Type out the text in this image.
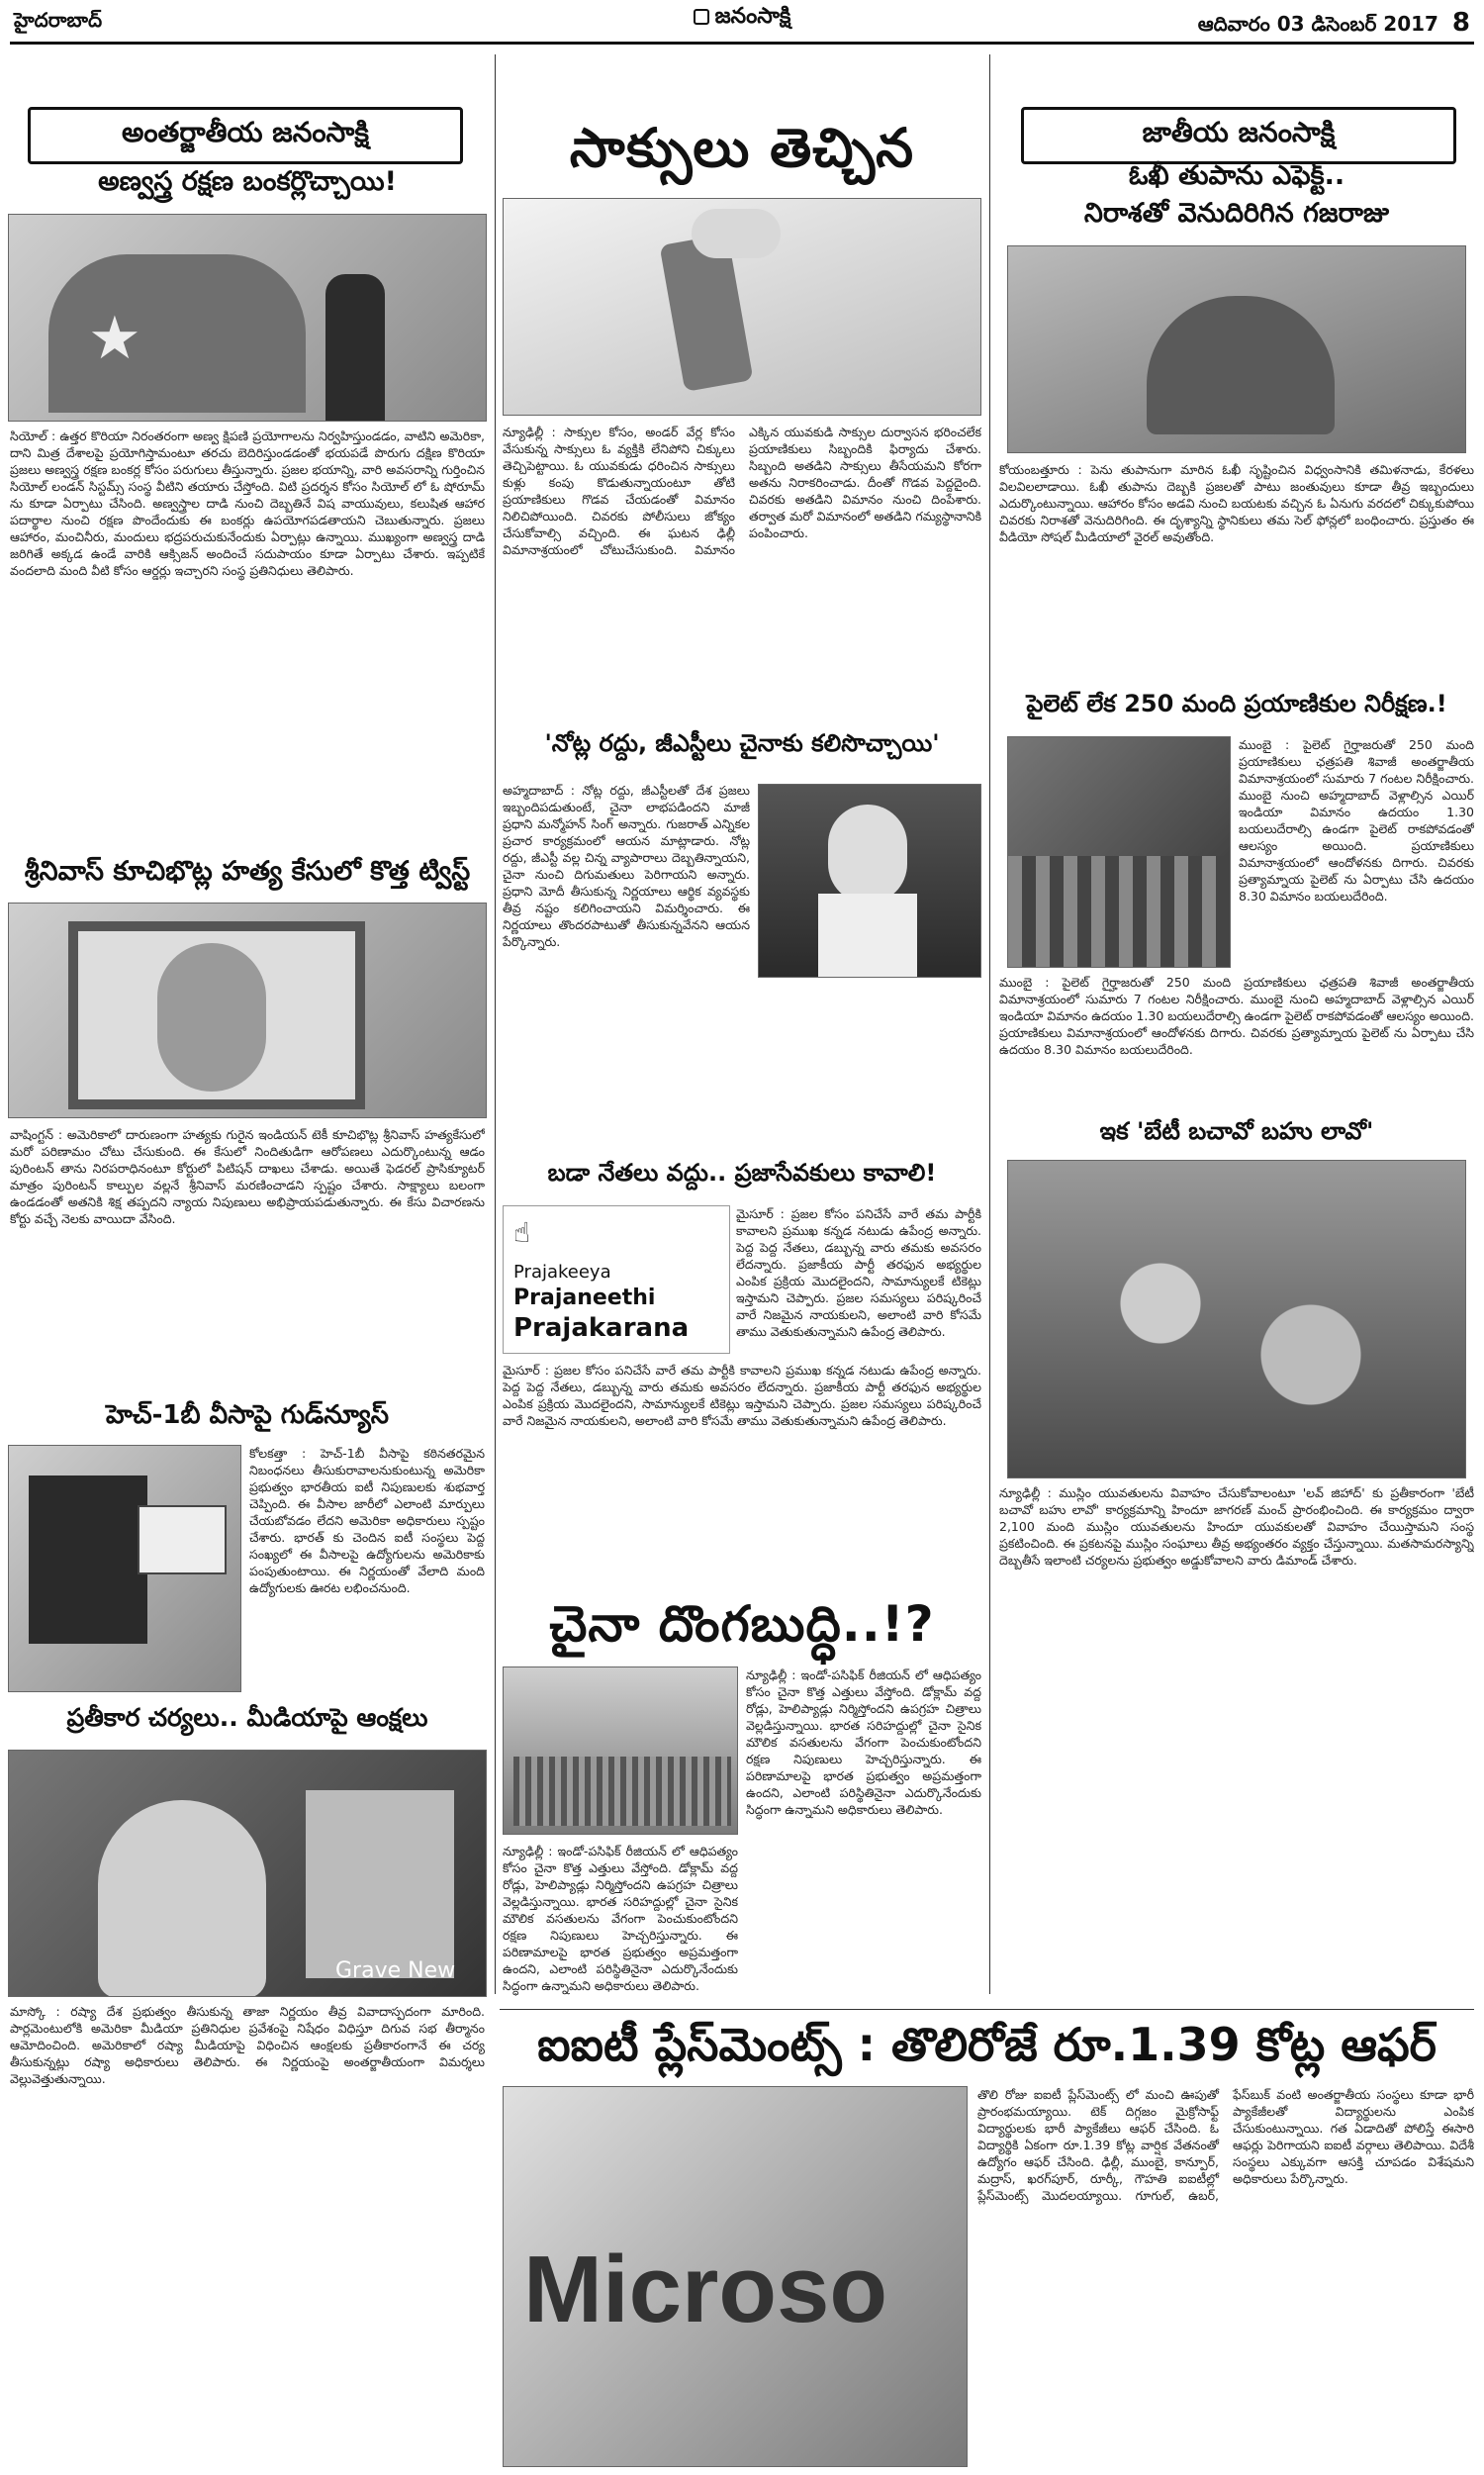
హైదరాబాద్	జనంసాక్షి	ఆదివారం 03 డిసెంబర్ 2017 8
అంతర్జాతీయ జనంసాక్షి
అణ్వస్త్ర రక్షణ బంకర్లొచ్చాయి!
★
సియోల్ : ఉత్తర కొరియా నిరంతరంగా అణ్వ క్షిపణి ప్రయోగాలను నిర్వహిస్తుండడం, వాటిని అమెరికా, దాని మిత్ర దేశాలపై ప్రయోగిస్తామంటూ తరచు బెదిరిస్తుండడంతో భయపడే పొరుగు దక్షిణ కొరియా ప్రజలు అణ్వస్త్ర రక్షణ బంకర్ల కోసం పరుగులు తీస్తున్నారు. ప్రజల భయాన్ని, వారి అవసరాన్ని గుర్తించిన సియోల్ లండన్ సిస్టమ్స్ సంస్థ వీటిని తయారు చేస్తోంది. విటి ప్రదర్శన కోసం సియోల్ లో ఓ షోరూమ్ ను కూడా ఏర్పాటు చేసింది. అణ్వస్త్రాల దాడి నుంచి దెబ్బతినే విష వాయువులు, కలుషిత ఆహార పదార్థాల నుంచి రక్షణ పొందేందుకు ఈ బంకర్లు ఉపయోగపడతాయని చెబుతున్నారు. ప్రజలు ఆహారం, మంచినీరు, మందులు భద్రపరుచుకునేందుకు ఏర్పాట్లు ఉన్నాయి. ముఖ్యంగా అణ్వస్త్ర దాడి జరిగితే అక్కడ ఉండే వారికి ఆక్సిజన్ అందించే సదుపాయం కూడా ఏర్పాటు చేశారు. ఇప్పటికే వందలాది మంది వీటి కోసం ఆర్డర్లు ఇచ్చారని సంస్థ ప్రతినిధులు తెలిపారు.
శ్రీనివాస్ కూచిభొట్ల హత్య కేసులో కొత్త ట్విస్ట్
వాషింగ్టన్ : అమెరికాలో దారుణంగా హత్యకు గురైన ఇండియన్ టెకీ కూచిభొట్ల శ్రీనివాస్ హత్యకేసులో మరో పరిణామం చోటు చేసుకుంది. ఈ కేసులో నిందితుడిగా ఆరోపణలు ఎదుర్కొంటున్న ఆడం పురింటన్ తాను నిరపరాధినంటూ కోర్టులో పిటిషన్ దాఖలు చేశాడు. అయితే ఫెడరల్ ప్రాసిక్యూటర్ మాత్రం పురింటన్ కాల్పుల వల్లనే శ్రీనివాస్ మరణించాడని స్పష్టం చేశారు. సాక్ష్యాలు బలంగా ఉండడంతో అతనికి శిక్ష తప్పదని న్యాయ నిపుణులు అభిప్రాయపడుతున్నారు. ఈ కేసు విచారణను కోర్టు వచ్చే నెలకు వాయిదా వేసింది.
హెచ్-1బీ వీసాపై గుడ్‌న్యూస్
కోలకత్తా : హెచ్-1బీ వీసాపై కఠినతరమైన నిబంధనలు తీసుకురావాలనుకుంటున్న అమెరికా ప్రభుత్వం భారతీయ ఐటీ నిపుణులకు శుభవార్త చెప్పింది. ఈ వీసాల జారీలో ఎలాంటి మార్పులు చేయబోవడం లేదని అమెరికా అధికారులు స్పష్టం చేశారు. భారత్ కు చెందిన ఐటీ సంస్థలు పెద్ద సంఖ్యలో ఈ వీసాలపై ఉద్యోగులను అమెరికాకు పంపుతుంటాయి. ఈ నిర్ణయంతో వేలాది మంది ఉద్యోగులకు ఊరట లభించనుంది.
ప్రతీకార చర్యలు.. మీడియాపై ఆంక్షలు
Grave New
మాస్కో : రష్యా దేశ ప్రభుత్వం తీసుకున్న తాజా నిర్ణయం తీవ్ర వివాదాస్పదంగా మారింది. పార్లమెంటులోకి అమెరికా మీడియా ప్రతినిధుల ప్రవేశంపై నిషేధం విధిస్తూ దిగువ సభ తీర్మానం ఆమోదించింది. అమెరికాలో రష్యా మీడియాపై విధించిన ఆంక్షలకు ప్రతీకారంగానే ఈ చర్య తీసుకున్నట్లు రష్యా అధికారులు తెలిపారు. ఈ నిర్ణయంపై అంతర్జాతీయంగా విమర్శలు వెల్లువెత్తుతున్నాయి.
సాక్సులు తెచ్చిన
న్యూఢిల్లీ : సాక్సుల కోసం, అండర్ వేర్ల కోసం వేసుకున్న సాక్సులు ఓ వ్యక్తికి లేనిపోని చిక్కులు తెచ్చిపెట్టాయి. ఓ యువకుడు ధరించిన సాక్సులు కుళ్లు కంపు కొడుతున్నాయంటూ తోటి ప్రయాణికులు గొడవ చేయడంతో విమానం నిలిచిపోయింది. చివరకు పోలీసులు జోక్యం చేసుకోవాల్సి వచ్చింది. ఈ ఘటన ఢిల్లీ విమానాశ్రయంలో చోటుచేసుకుంది. విమానం ఎక్కిన యువకుడి సాక్సుల దుర్వాసన భరించలేక ప్రయాణికులు సిబ్బందికి ఫిర్యాదు చేశారు. సిబ్బంది అతడిని సాక్సులు తీసేయమని కోరగా అతను నిరాకరించాడు. దీంతో గొడవ పెద్దదైంది. చివరకు అతడిని విమానం నుంచి దింపేశారు. తర్వాత మరో విమానంలో అతడిని గమ్యస్థానానికి పంపించారు.
'నోట్ల రద్దు, జీఎస్టీలు చైనాకు కలిసొచ్చాయి'
అహ్మదాబాద్ : నోట్ల రద్దు, జీఎస్టీలతో దేశ ప్రజలు ఇబ్బందిపడుతుంటే, చైనా లాభపడిందని మాజీ ప్రధాని మన్మోహన్ సింగ్ అన్నారు. గుజరాత్ ఎన్నికల ప్రచార కార్యక్రమంలో ఆయన మాట్లాడారు. నోట్ల రద్దు, జీఎస్టీ వల్ల చిన్న వ్యాపారాలు దెబ్బతిన్నాయని, చైనా నుంచి దిగుమతులు పెరిగాయని అన్నారు. ప్రధాని మోదీ తీసుకున్న నిర్ణయాలు ఆర్థిక వ్యవస్థకు తీవ్ర నష్టం కలిగించాయని విమర్శించారు. ఈ నిర్ణయాలు తొందరపాటుతో తీసుకున్నవేనని ఆయన పేర్కొన్నారు.
బడా నేతలు వద్దు.. ప్రజాసేవకులు కావాలి!
☝
Prajakeeya
Prajaneethi
Prajakarana
మైసూర్ : ప్రజల కోసం పనిచేసే వారే తమ పార్టీకి కావాలని ప్రముఖ కన్నడ నటుడు ఉపేంద్ర అన్నారు. పెద్ద పెద్ద నేతలు, డబ్బున్న వారు తమకు అవసరం లేదన్నారు. ప్రజాకీయ పార్టీ తరఫున అభ్యర్థుల ఎంపిక ప్రక్రియ మొదలైందని, సామాన్యులకే టికెట్లు ఇస్తామని చెప్పారు. ప్రజల సమస్యలు పరిష్కరించే వారే నిజమైన నాయకులని, అలాంటి వారి కోసమే తాము వెతుకుతున్నామని ఉపేంద్ర తెలిపారు.
మైసూర్ : ప్రజల కోసం పనిచేసే వారే తమ పార్టీకి కావాలని ప్రముఖ కన్నడ నటుడు ఉపేంద్ర అన్నారు. పెద్ద పెద్ద నేతలు, డబ్బున్న వారు తమకు అవసరం లేదన్నారు. ప్రజాకీయ పార్టీ తరఫున అభ్యర్థుల ఎంపిక ప్రక్రియ మొదలైందని, సామాన్యులకే టికెట్లు ఇస్తామని చెప్పారు. ప్రజల సమస్యలు పరిష్కరించే వారే నిజమైన నాయకులని, అలాంటి వారి కోసమే తాము వెతుకుతున్నామని ఉపేంద్ర తెలిపారు.
చైనా దొంగబుద్ధి..!?
న్యూఢిల్లీ : ఇండో-పసిఫిక్ రీజియన్ లో ఆధిపత్యం కోసం చైనా కొత్త ఎత్తులు వేస్తోంది. డోక్లామ్ వద్ద రోడ్లు, హెలిప్యాడ్లు నిర్మిస్తోందని ఉపగ్రహ చిత్రాలు వెల్లడిస్తున్నాయి. భారత సరిహద్దుల్లో చైనా సైనిక మౌలిక వసతులను వేగంగా పెంచుకుంటోందని రక్షణ నిపుణులు హెచ్చరిస్తున్నారు. ఈ పరిణామాలపై భారత ప్రభుత్వం అప్రమత్తంగా ఉందని, ఎలాంటి పరిస్థితినైనా ఎదుర్కొనేందుకు సిద్ధంగా ఉన్నామని అధికారులు తెలిపారు.
న్యూఢిల్లీ : ఇండో-పసిఫిక్ రీజియన్ లో ఆధిపత్యం కోసం చైనా కొత్త ఎత్తులు వేస్తోంది. డోక్లామ్ వద్ద రోడ్లు, హెలిప్యాడ్లు నిర్మిస్తోందని ఉపగ్రహ చిత్రాలు వెల్లడిస్తున్నాయి. భారత సరిహద్దుల్లో చైనా సైనిక మౌలిక వసతులను వేగంగా పెంచుకుంటోందని రక్షణ నిపుణులు హెచ్చరిస్తున్నారు. ఈ పరిణామాలపై భారత ప్రభుత్వం అప్రమత్తంగా ఉందని, ఎలాంటి పరిస్థితినైనా ఎదుర్కొనేందుకు సిద్ధంగా ఉన్నామని అధికారులు తెలిపారు.
జాతీయ జనంసాక్షి
ఓఖీ తుపాను ఎఫెక్ట్..
నిరాశతో వెనుదిరిగిన గజరాజు
కోయంబత్తూరు : పెను తుపానుగా మారిన ఓఖీ సృష్టించిన విధ్వంసానికి తమిళనాడు, కేరళలు విలవిలలాడాయి. ఓఖీ తుపాను దెబ్బకి ప్రజలతో పాటు జంతువులు కూడా తీవ్ర ఇబ్బందులు ఎదుర్కొంటున్నాయి. ఆహారం కోసం అడవి నుంచి బయటకు వచ్చిన ఓ ఏనుగు వరదలో చిక్కుకుపోయి చివరకు నిరాశతో వెనుదిరిగింది. ఈ దృశ్యాన్ని స్థానికులు తమ సెల్ ఫోన్లలో బంధించారు. ప్రస్తుతం ఈ వీడియో సోషల్ మీడియాలో వైరల్ అవుతోంది.
పైలెట్ లేక 250 మంది ప్రయాణికుల నిరీక్షణ.!
ముంబై : పైలెట్ గైర్హాజరుతో 250 మంది ప్రయాణికులు ఛత్రపతి శివాజీ అంతర్జాతీయ విమానాశ్రయంలో సుమారు 7 గంటల నిరీక్షించారు. ముంబై నుంచి అహ్మదాబాద్ వెళ్లాల్సిన ఎయిర్ ఇండియా విమానం ఉదయం 1.30 బయలుదేరాల్సి ఉండగా పైలెట్ రాకపోవడంతో ఆలస్యం అయింది. ప్రయాణికులు విమానాశ్రయంలో ఆందోళనకు దిగారు. చివరకు ప్రత్యామ్నాయ పైలెట్ ను ఏర్పాటు చేసి ఉదయం 8.30 విమానం బయలుదేరింది.
ముంబై : పైలెట్ గైర్హాజరుతో 250 మంది ప్రయాణికులు ఛత్రపతి శివాజీ అంతర్జాతీయ విమానాశ్రయంలో సుమారు 7 గంటల నిరీక్షించారు. ముంబై నుంచి అహ్మదాబాద్ వెళ్లాల్సిన ఎయిర్ ఇండియా విమానం ఉదయం 1.30 బయలుదేరాల్సి ఉండగా పైలెట్ రాకపోవడంతో ఆలస్యం అయింది. ప్రయాణికులు విమానాశ్రయంలో ఆందోళనకు దిగారు. చివరకు ప్రత్యామ్నాయ పైలెట్ ను ఏర్పాటు చేసి ఉదయం 8.30 విమానం బయలుదేరింది.
ఇక 'బేటీ బచావో బహు లావో'
న్యూఢిల్లీ : ముస్లిం యువతులను వివాహం చేసుకోవాలంటూ 'లవ్ జిహాద్' కు ప్రతీకారంగా 'బేటీ బచావో బహు లావో' కార్యక్రమాన్ని హిందూ జాగరణ్ మంచ్ ప్రారంభించింది. ఈ కార్యక్రమం ద్వారా 2,100 మంది ముస్లిం యువతులను హిందూ యువకులతో వివాహం చేయిస్తామని సంస్థ ప్రకటించింది. ఈ ప్రకటనపై ముస్లిం సంఘాలు తీవ్ర అభ్యంతరం వ్యక్తం చేస్తున్నాయి. మతసామరస్యాన్ని దెబ్బతీసే ఇలాంటి చర్యలను ప్రభుత్వం అడ్డుకోవాలని వారు డిమాండ్ చేశారు.
ఐఐటీ ప్లేస్‌మెంట్స్ : తొలిరోజే రూ.1.39 కోట్ల ఆఫర్
Microso
తొలి రోజు ఐఐటీ ప్లేస్‌మెంట్స్ లో మంచి ఊపుతో ప్రారంభమయ్యాయి. టెక్ దిగ్గజం మైక్రోసాఫ్ట్ విద్యార్థులకు భారీ ప్యాకేజీలు ఆఫర్ చేసింది. ఓ విద్యార్థికి ఏకంగా రూ.1.39 కోట్ల వార్షిక వేతనంతో ఉద్యోగం ఆఫర్ చేసింది. ఢిల్లీ, ముంబై, కాన్పూర్, మద్రాస్, ఖరగ్‌పూర్, రూర్కీ, గౌహతి ఐఐటీల్లో ప్లేస్‌మెంట్స్ మొదలయ్యాయి. గూగుల్, ఉబర్, ఫేస్‌బుక్ వంటి అంతర్జాతీయ సంస్థలు కూడా భారీ ప్యాకేజీలతో విద్యార్థులను ఎంపిక చేసుకుంటున్నాయి. గత ఏడాదితో పోలిస్తే ఈసారి ఆఫర్లు పెరిగాయని ఐఐటీ వర్గాలు తెలిపాయి. విదేశీ సంస్థలు ఎక్కువగా ఆసక్తి చూపడం విశేషమని అధికారులు పేర్కొన్నారు.
